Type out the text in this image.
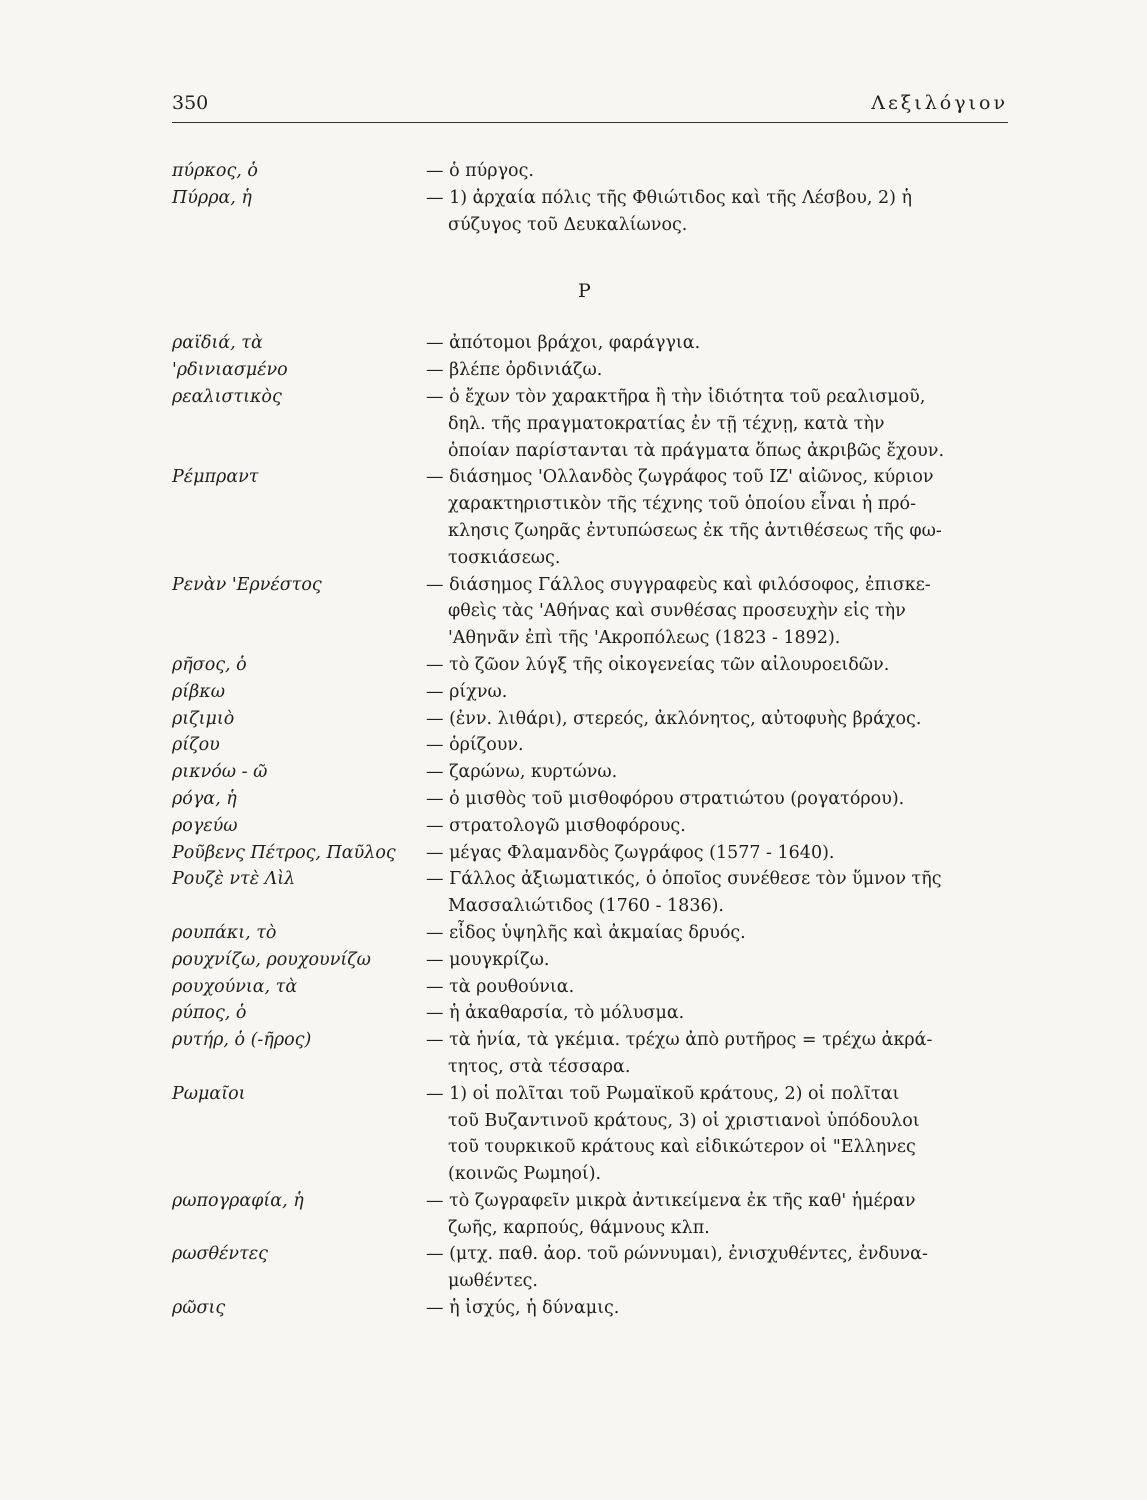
350	Λεξιλόγιον
πύρκος, ὁ	— ὁ πύργος.
Πύρρα, ἡ	— 1) ἀρχαία πόλις τῆς Φθιώτιδος καὶ τῆς Λέσβου, 2) ἡ
σύζυγος τοῦ Δευκαλίωνος.
Ρ
ραϊδιά, τὰ	— ἀπότομοι βράχοι, φαράγγια.
'ρδινιασμένο	— βλέπε ὀρδινιάζω.
ρεαλιστικὸς	— ὁ ἔχων τὸν χαρακτῆρα ἢ τὴν ἰδιότητα τοῦ ρεαλισμοῦ,
δηλ. τῆς πραγματοκρατίας ἐν τῇ τέχνῃ, κατὰ τὴν
ὁποίαν παρίστανται τὰ πράγματα ὅπως ἀκριβῶς ἔχουν.
Ρέμπραντ	— διάσημος 'Ολλανδὸς ζωγράφος τοῦ ΙΖ' αἰῶνος, κύριον
χαρακτηριστικὸν τῆς τέχνης τοῦ ὁποίου εἶναι ἡ πρό-
κλησις ζωηρᾶς ἐντυπώσεως ἐκ τῆς ἀντιθέσεως τῆς φω-
τοσκιάσεως.
Ρενὰν 'Ερνέστος	— διάσημος Γάλλος συγγραφεὺς καὶ φιλόσοφος, ἐπισκε-
φθεὶς τὰς 'Αθήνας καὶ συνθέσας προσευχὴν εἰς τὴν
'Αθηνᾶν ἐπὶ τῆς 'Ακροπόλεως (1823 - 1892).
ρῆσος, ὁ	— τὸ ζῶον λύγξ τῆς οἰκογενείας τῶν αἰλουροειδῶν.
ρίβκω	— ρίχνω.
ριζιμιὸ	— (ἐνν. λιθάρι), στερεός, ἀκλόνητος, αὐτοφυὴς βράχος.
ρίζου	— ὁρίζουν.
ρικνόω - ῶ	— ζαρώνω, κυρτώνω.
ρόγα, ἡ	— ὁ μισθὸς τοῦ μισθοφόρου στρατιώτου (ρογατόρου).
ρογεύω	— στρατολογῶ μισθοφόρους.
Ροῦβενς Πέτρος, Παῦλος	— μέγας Φλαμανδὸς ζωγράφος (1577 - 1640).
Ρουζὲ ντὲ Λὶλ	— Γάλλος ἀξιωματικός, ὁ ὁποῖος συνέθεσε τὸν ὕμνον τῆς
Μασσαλιώτιδος (1760 - 1836).
ρουπάκι, τὸ	— εἶδος ὑψηλῆς καὶ ἀκμαίας δρυός.
ρουχνίζω, ρουχουνίζω	— μουγκρίζω.
ρουχούνια, τὰ	— τὰ ρουθούνια.
ρύπος, ὁ	— ἡ ἀκαθαρσία, τὸ μόλυσμα.
ρυτήρ, ὁ (-ῆρος)	— τὰ ἡνία, τὰ γκέμια. τρέχω ἀπὸ ρυτῆρος = τρέχω ἀκρά-
τητος, στὰ τέσσαρα.
Ρωμαῖοι	— 1) οἱ πολῖται τοῦ Ρωμαϊκοῦ κράτους, 2) οἱ πολῖται
τοῦ Βυζαντινοῦ κράτους, 3) οἱ χριστιανοὶ ὑπόδουλοι
τοῦ τουρκικοῦ κράτους καὶ εἰδικώτερον οἱ "Ελληνες
(κοινῶς Ρωμηοί).
ρωπογραφία, ἡ	— τὸ ζωγραφεῖν μικρὰ ἀντικείμενα ἐκ τῆς καθ' ἡμέραν
ζωῆς, καρπούς, θάμνους κλπ.
ρωσθέντες	— (μτχ. παθ. ἀορ. τοῦ ρώννυμαι), ἐνισχυθέντες, ἐνδυνα-
μωθέντες.
ρῶσις	— ἡ ἰσχύς, ἡ δύναμις.
